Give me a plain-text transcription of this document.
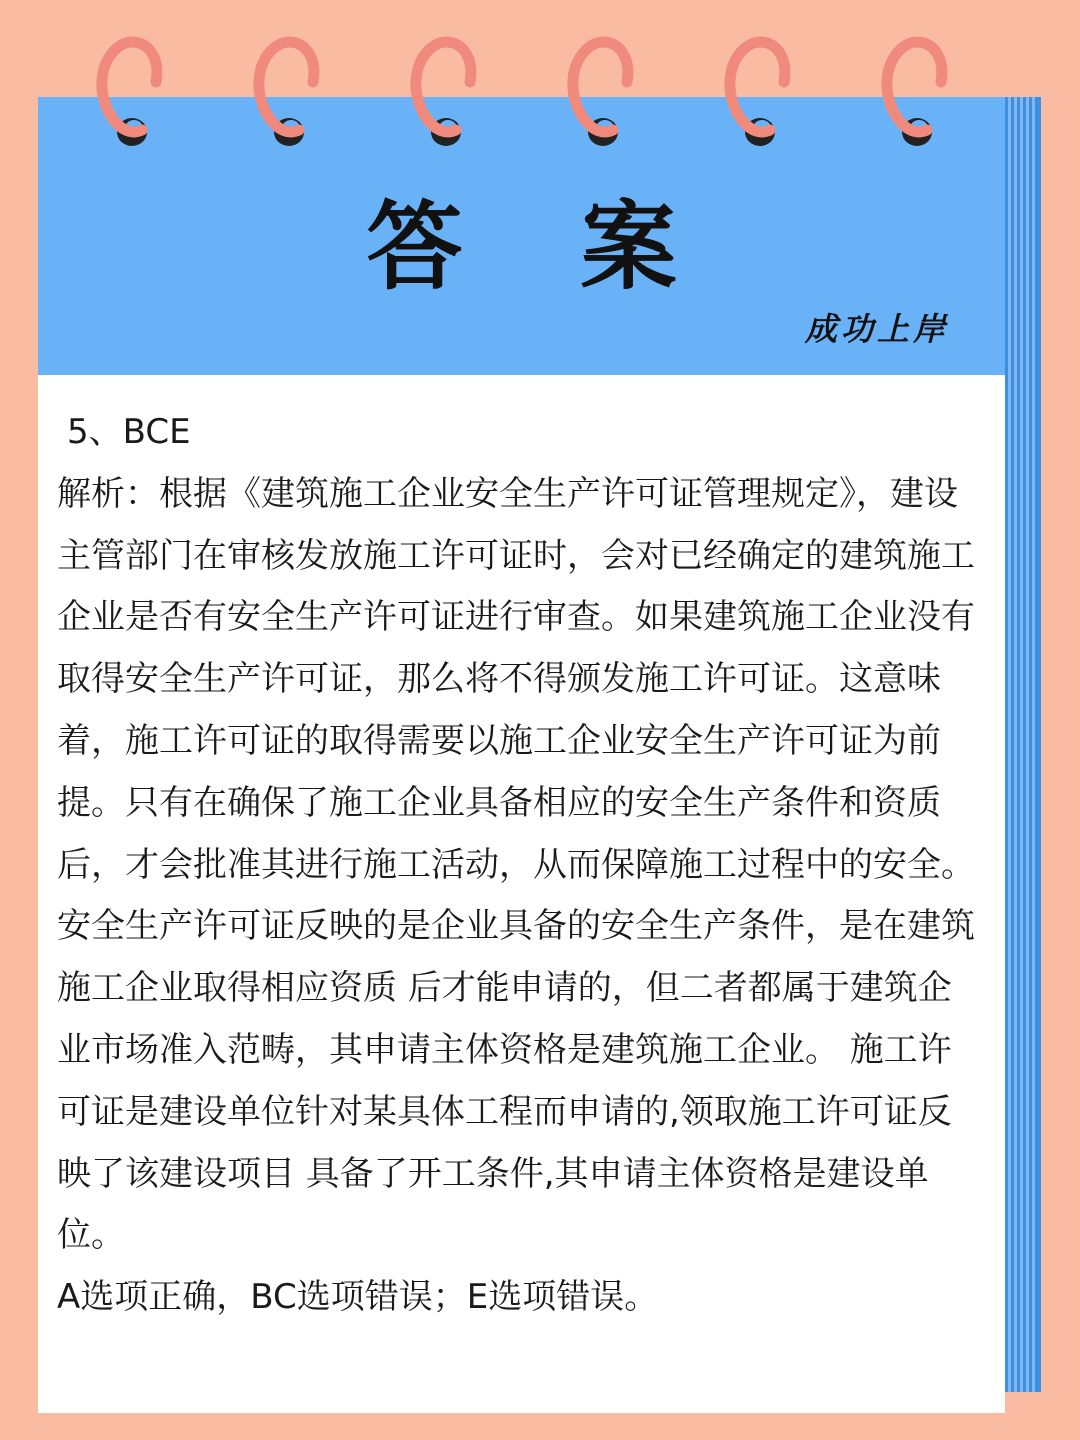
答案
成功上岸

5、BCE

解析：根据《建筑施工企业安全生产许可证管理规定》，建设主管部门在审核发放施工许可证时，会对已经确定的建筑施工企业是否有安全生产许可证进行审查。如果建筑施工企业没有取得安全生产许可证，那么将不得颁发施工许可证。这意味着，施工许可证的取得需要以施工企业安全生产许可证为前提。只有在确保了施工企业具备相应的安全生产条件和资质后，才会批准其进行施工活动，从而保障施工过程中的安全。

安全生产许可证反映的是企业具备的安全生产条件，是在建筑施工企业取得相应资质 后才能申请的，但二者都属于建筑企业市场准入范畴，其申请主体资格是建筑施工企业。 施工许可证是建设单位针对某具体工程而申请的,领取施工许可证反映了该建设项目 具备了开工条件,其申请主体资格是建设单位。

A选项正确，BC选项错误；E选项错误。
